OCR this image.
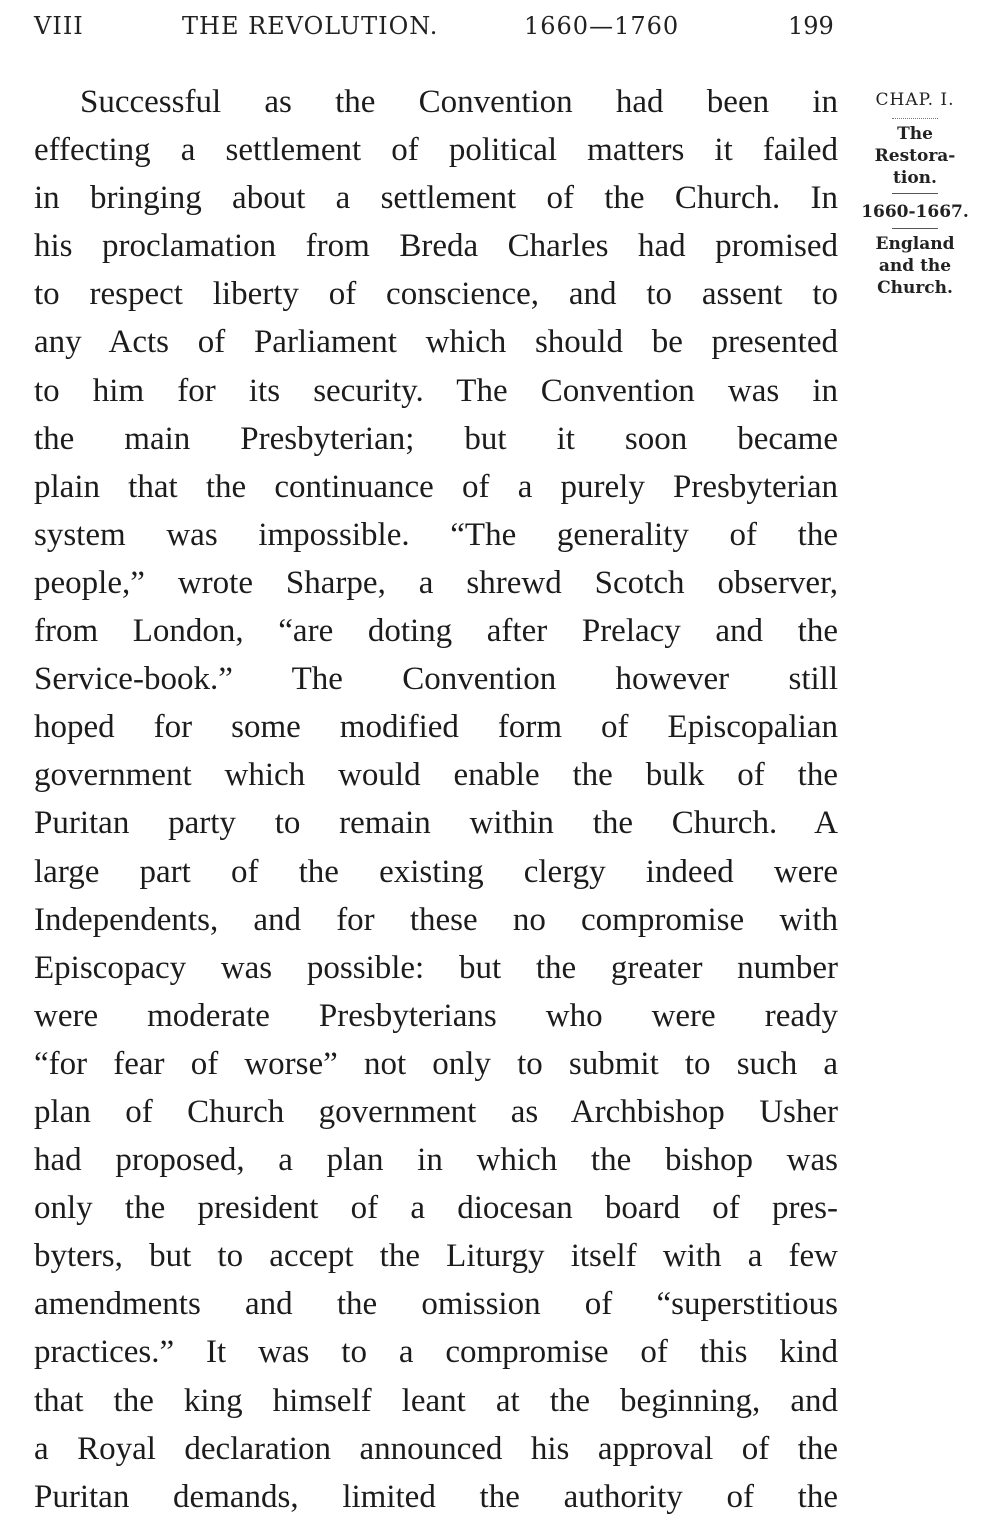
VIII	THE REVOLUTION.	1660—1760	199
Successful as the Convention had been in
effecting a settlement of political matters it failed
in bringing about a settlement of the Church. In
his proclamation from Breda Charles had promised
to respect liberty of conscience, and to assent to
any Acts of Parliament which should be presented
to him for its security. The Convention was in
the main Presbyterian; but it soon became
plain that the continuance of a purely Presbyterian
system was impossible. “The generality of the
people,” wrote Sharpe, a shrewd Scotch observer,
from London, “are doting after Prelacy and the
Service-book.” The Convention however still
hoped for some modified form of Episcopalian
government which would enable the bulk of the
Puritan party to remain within the Church. A
large part of the existing clergy indeed were
Independents, and for these no compromise with
Episcopacy was possible: but the greater number
were moderate Presbyterians who were ready
“for fear of worse” not only to submit to such a
plan of Church government as Archbishop Usher
had proposed, a plan in which the bishop was
only the president of a diocesan board of pres-
byters, but to accept the Liturgy itself with a few
amendments and the omission of “superstitious
practices.” It was to a compromise of this kind
that the king himself leant at the beginning, and
a Royal declaration announced his approval of the
Puritan demands, limited the authority of the
CHAP. I.
The
Restora-
tion.
1660-1667.
England
and the
Church.
